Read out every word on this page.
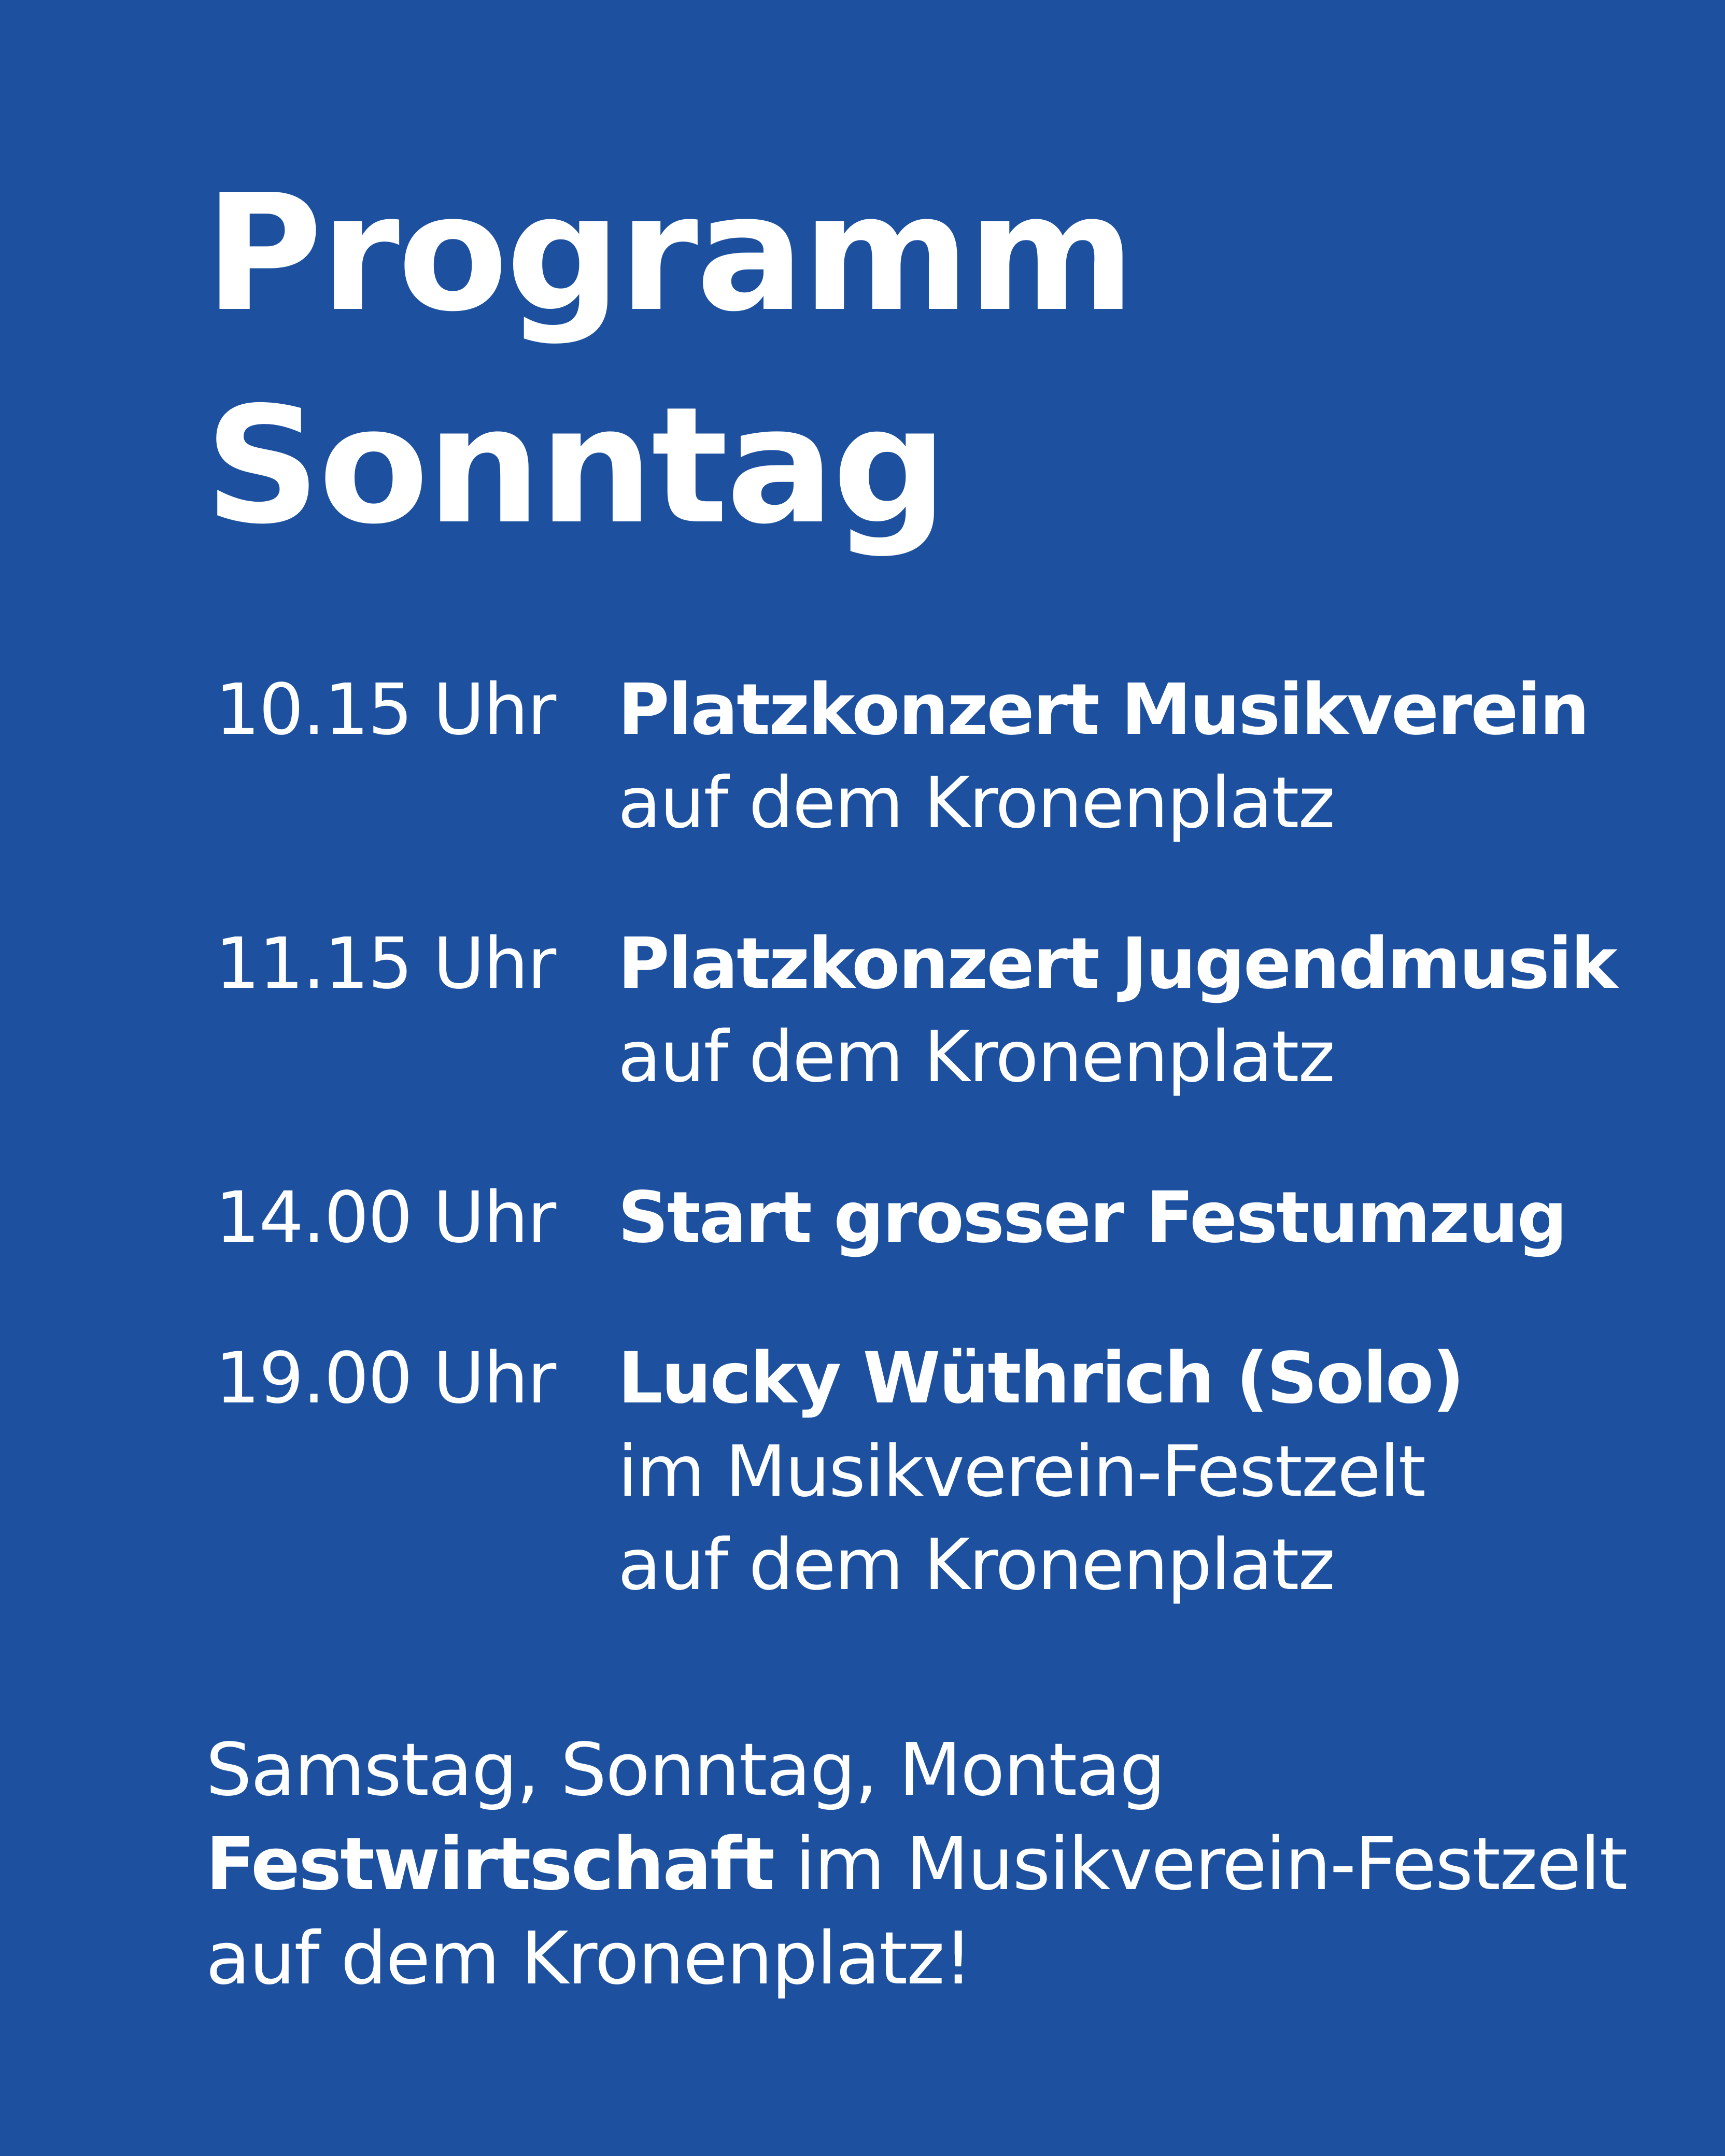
Programm
Sonntag
10.15 Uhr Platzkonzert Musikverein
auf dem Kronenplatz
11.15 Uhr Platzkonzert Jugendmusik
auf dem Kronenplatz
14.00 Uhr Start grosser Festumzug
19.00 Uhr Lucky Wüthrich (Solo)
im Musikverein-Festzelt
auf dem Kronenplatz
Samstag, Sonntag, Montag
Festwirtschaft im Musikverein-Festzelt
auf dem Kronenplatz!
